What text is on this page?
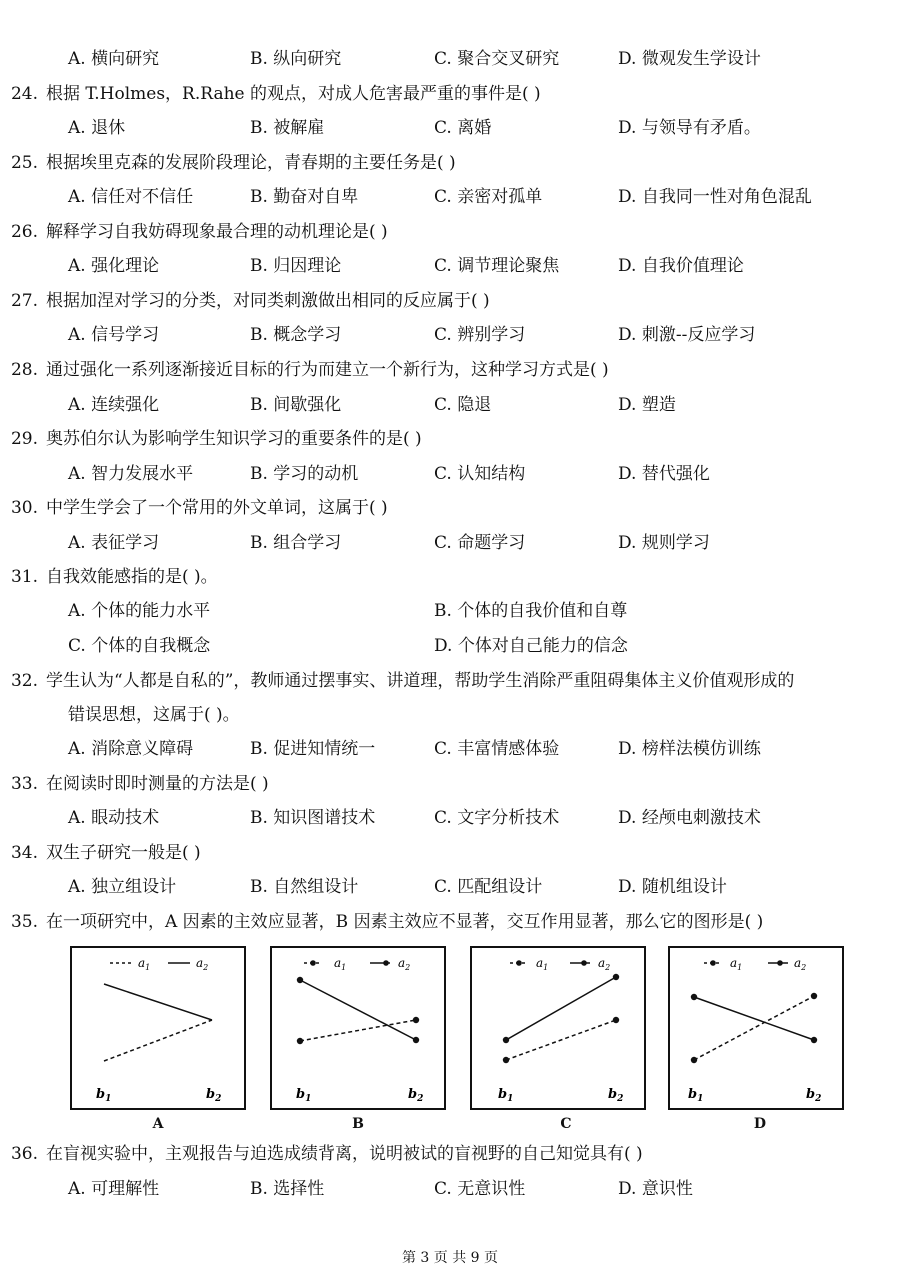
A. 横向研究	B. 纵向研究	C. 聚合交叉研究	D. 微观发生学设计
24. 根据 T.Holmes，R.Rahe 的观点，对成人危害最严重的事件是( )
A. 退休	B. 被解雇	C. 离婚	D. 与领导有矛盾。
25. 根据埃里克森的发展阶段理论，青春期的主要任务是( )
A. 信任对不信任	B. 勤奋对自卑	C. 亲密对孤单	D. 自我同一性对角色混乱
26. 解释学习自我妨碍现象最合理的动机理论是( )
A. 强化理论	B. 归因理论	C. 调节理论聚焦	D. 自我价值理论
27. 根据加涅对学习的分类，对同类刺激做出相同的反应属于( )
A. 信号学习	B. 概念学习	C. 辨别学习	D. 刺激--反应学习
28. 通过强化一系列逐渐接近目标的行为而建立一个新行为，这种学习方式是( )
A. 连续强化	B. 间歇强化	C. 隐退	D. 塑造
29. 奥苏伯尔认为影响学生知识学习的重要条件的是( )
A. 智力发展水平	B. 学习的动机	C. 认知结构	D. 替代强化
30. 中学生学会了一个常用的外文单词，这属于( )
A. 表征学习	B. 组合学习	C. 命题学习	D. 规则学习
31. 自我效能感指的是( )。
A. 个体的能力水平	B. 个体的自我价值和自尊
C. 个体的自我概念	D. 个体对自己能力的信念
32. 学生认为“人都是自私的”，教师通过摆事实、讲道理，帮助学生消除严重阻碍集体主义价值观形成的
错误思想，这属于( )。
A. 消除意义障碍	B. 促进知情统一	C. 丰富情感体验	D. 榜样法模仿训练
33. 在阅读时即时测量的方法是( )
A. 眼动技术	B. 知识图谱技术	C. 文字分析技术	D. 经颅电刺激技术
34. 双生子研究一般是( )
A. 独立组设计	B. 自然组设计	C. 匹配组设计	D. 随机组设计
35. 在一项研究中，A 因素的主效应显著，B 因素主效应不显著，交互作用显著，那么它的图形是( )
$a_1$	$a_2$
$b_1$	$b_2$
A
$a_1$	$a_2$
$b_1$	$b_2$
B
$a_1$	$a_2$
$b_1$	$b_2$
C
$a_1$	$a_2$
$b_1$	$b_2$
D
36. 在盲视实验中，主观报告与迫选成绩背离，说明被试的盲视野的自己知觉具有( )
A. 可理解性	B. 选择性	C. 无意识性	D. 意识性
第 3 页 共 9 页
